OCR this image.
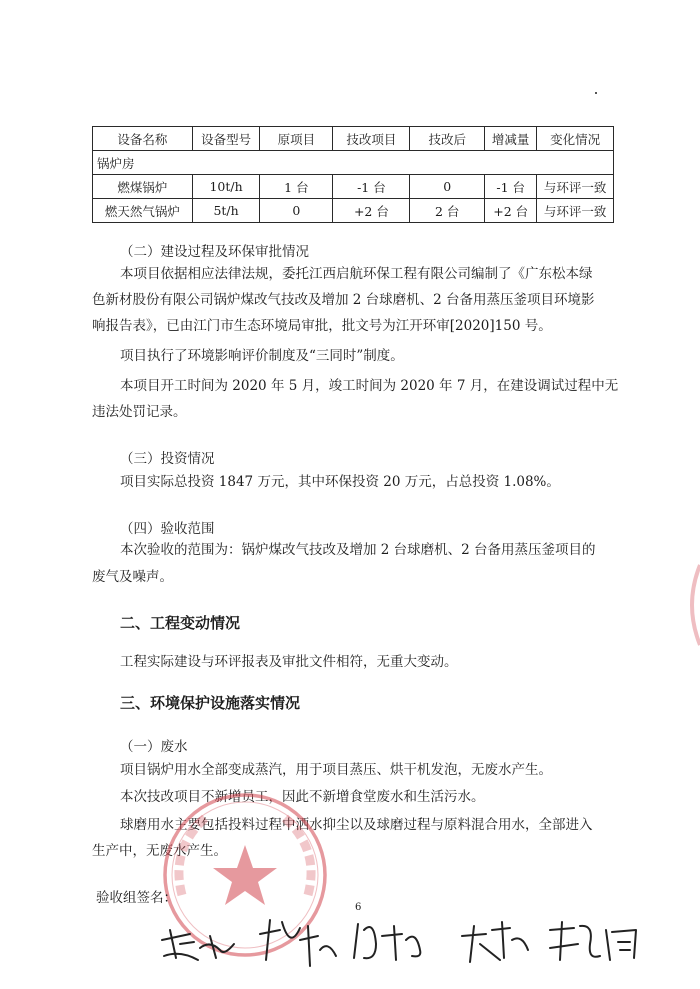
设备名称	设备型号	原项目	技改项目	技改后	增减量	变化情况
锅炉房						
燃煤锅炉	10t/h	1 台	-1 台	0	-1 台	与环评一致
燃天然气锅炉	5t/h	0	+2 台	2 台	+2 台	与环评一致
（二）建设过程及环保审批情况
本项目依据相应法律法规，委托江西启航环保工程有限公司编制了《广东松本绿
色新材股份有限公司锅炉煤改气技改及增加 2 台球磨机、2 台备用蒸压釜项目环境影
响报告表》，已由江门市生态环境局审批，批文号为江开环审[2020]150 号。
项目执行了环境影响评价制度及“三同时”制度。
本项目开工时间为 2020 年 5 月，竣工时间为 2020 年 7 月，在建设调试过程中无
违法处罚记录。
（三）投资情况
项目实际总投资 1847 万元，其中环保投资 20 万元，占总投资 1.08%。
（四）验收范围
本次验收的范围为：锅炉煤改气技改及增加 2 台球磨机、2 台备用蒸压釜项目的
废气及噪声。
二、工程变动情况
工程实际建设与环评报表及审批文件相符，无重大变动。
三、环境保护设施落实情况
（一）废水
项目锅炉用水全部变成蒸汽，用于项目蒸压、烘干机发泡，无废水产生。
本次技改项目不新增员工，因此不新增食堂废水和生活污水。
球磨用水主要包括投料过程中洒水抑尘以及球磨过程与原料混合用水，全部进入
生产中，无废水产生。
验收组签名：
6
